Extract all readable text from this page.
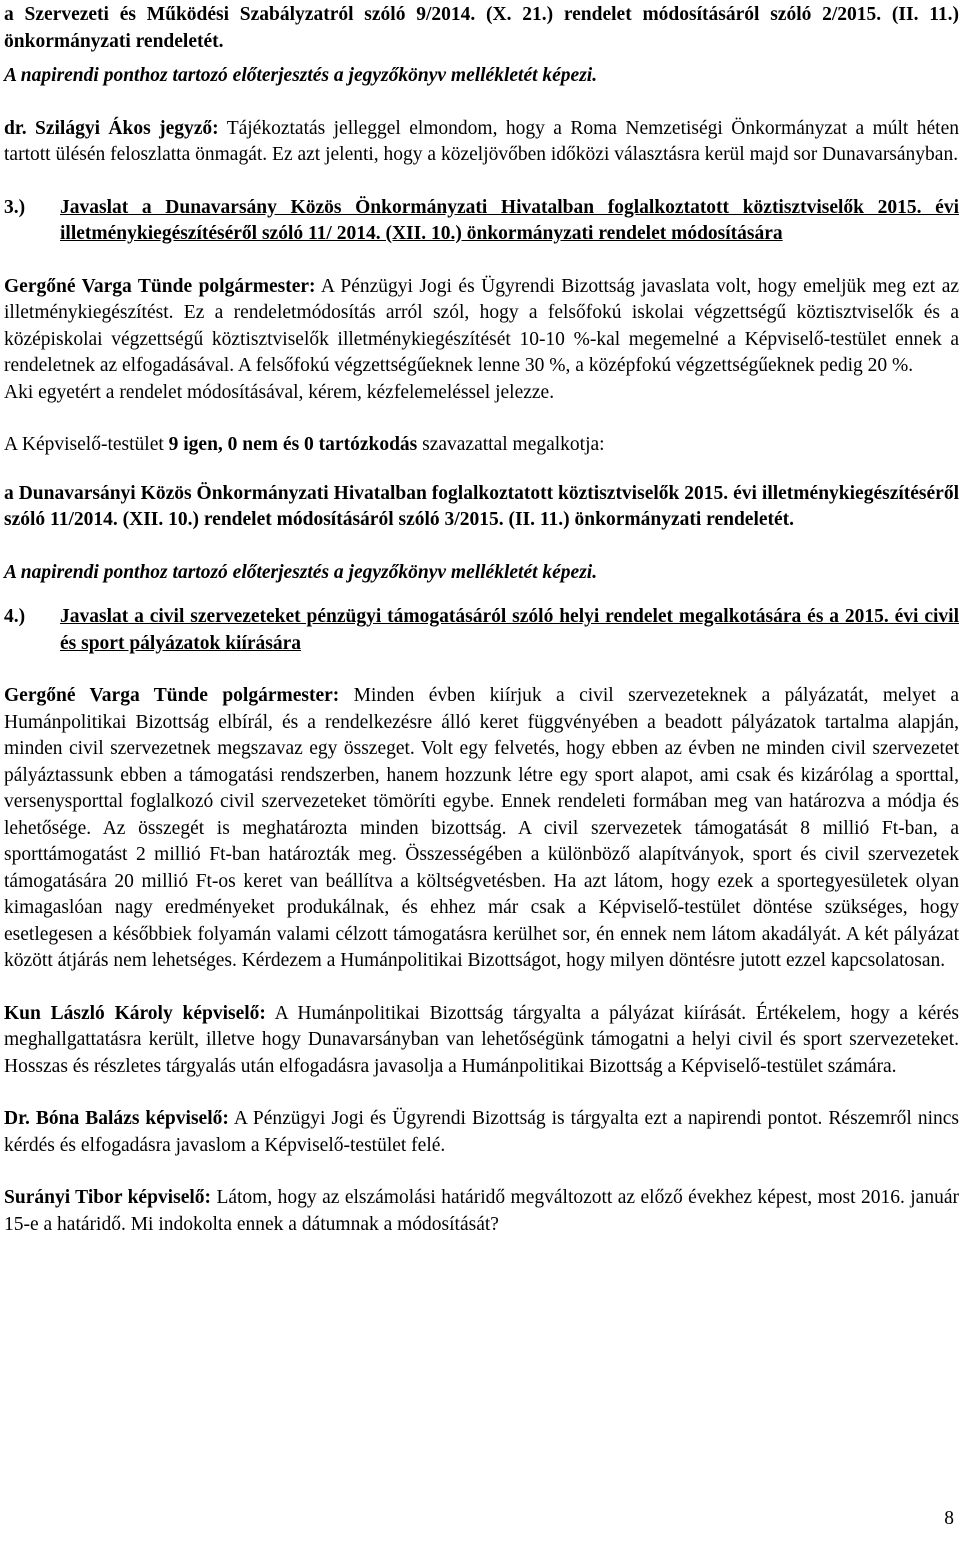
a Szervezeti és Működési Szabályzatról szóló 9/2014. (X. 21.) rendelet módosításáról szóló 2/2015. (II. 11.) önkormányzati rendeletét.

A napirendi ponthoz tartozó előterjesztés a jegyzőkönyv mellékletét képezi.

dr. Szilágyi Ákos jegyző: Tájékoztatás jelleggel elmondom, hogy a Roma Nemzetiségi Önkormányzat a múlt héten tartott ülésén feloszlatta önmagát. Ez azt jelenti, hogy a közeljövőben időközi választásra kerül majd sor Dunavarsányban.

3.)	Javaslat a Dunavarsány Közös Önkormányzati Hivatalban foglalkoztatott köztisztviselők 2015. évi illetménykiegészítéséről szóló 11/ 2014. (XII. 10.) önkormányzati rendelet módosítására

Gergőné Varga Tünde polgármester: A Pénzügyi Jogi és Ügyrendi Bizottság javaslata volt, hogy emeljük meg ezt az illetménykiegészítést. Ez a rendeletmódosítás arról szól, hogy a felsőfokú iskolai végzettségű köztisztviselők és a középiskolai végzettségű köztisztviselők illetménykiegészítését 10-10 %-kal megemelné a Képviselő-testület ennek a rendeletnek az elfogadásával. A felsőfokú végzettségűeknek lenne 30 %, a középfokú végzettségűeknek pedig 20 %.

Aki egyetért a rendelet módosításával, kérem, kézfelemeléssel jelezze.

A Képviselő-testület 9 igen, 0 nem és 0 tartózkodás szavazattal megalkotja:

a Dunavarsányi Közös Önkormányzati Hivatalban foglalkoztatott köztisztviselők 2015. évi illetménykiegészítéséről szóló 11/2014. (XII. 10.) rendelet módosításáról szóló 3/2015. (II. 11.) önkormányzati rendeletét.

A napirendi ponthoz tartozó előterjesztés a jegyzőkönyv mellékletét képezi.

4.)	Javaslat a civil szervezeteket pénzügyi támogatásáról szóló helyi rendelet megalkotására és a 2015. évi civil és sport pályázatok kiírására

Gergőné Varga Tünde polgármester: Minden évben kiírjuk a civil szervezeteknek a pályázatát, melyet a Humánpolitikai Bizottság elbírál, és a rendelkezésre álló keret függvényében a beadott pályázatok tartalma alapján, minden civil szervezetnek megszavaz egy összeget. Volt egy felvetés, hogy ebben az évben ne minden civil szervezetet pályáztassunk ebben a támogatási rendszerben, hanem hozzunk létre egy sport alapot, ami csak és kizárólag a sporttal, versenysporttal foglalkozó civil szervezeteket tömöríti egybe. Ennek rendeleti formában meg van határozva a módja és lehetősége. Az összegét is meghatározta minden bizottság. A civil szervezetek támogatását 8 millió Ft-ban, a sporttámogatást 2 millió Ft-ban határozták meg. Összességében a különböző alapítványok, sport és civil szervezetek támogatására 20 millió Ft-os keret van beállítva a költségvetésben. Ha azt látom, hogy ezek a sportegyesületek olyan kimagaslóan nagy eredményeket produkálnak, és ehhez már csak a Képviselő-testület döntése szükséges, hogy esetlegesen a későbbiek folyamán valami célzott támogatásra kerülhet sor, én ennek nem látom akadályát. A két pályázat között átjárás nem lehetséges. Kérdezem a Humánpolitikai Bizottságot, hogy milyen döntésre jutott ezzel kapcsolatosan.

Kun László Károly képviselő: A Humánpolitikai Bizottság tárgyalta a pályázat kiírását. Értékelem, hogy a kérés meghallgattatásra került, illetve hogy Dunavarsányban van lehetőségünk támogatni a helyi civil és sport szervezeteket. Hosszas és részletes tárgyalás után elfogadásra javasolja a Humánpolitikai Bizottság a Képviselő-testület számára.

Dr. Bóna Balázs képviselő: A Pénzügyi Jogi és Ügyrendi Bizottság is tárgyalta ezt a napirendi pontot. Részemről nincs kérdés és elfogadásra javaslom a Képviselő-testület felé.

Surányi Tibor képviselő: Látom, hogy az elszámolási határidő megváltozott az előző évekhez képest, most 2016. január 15-e a határidő. Mi indokolta ennek a dátumnak a módosítását?

8
